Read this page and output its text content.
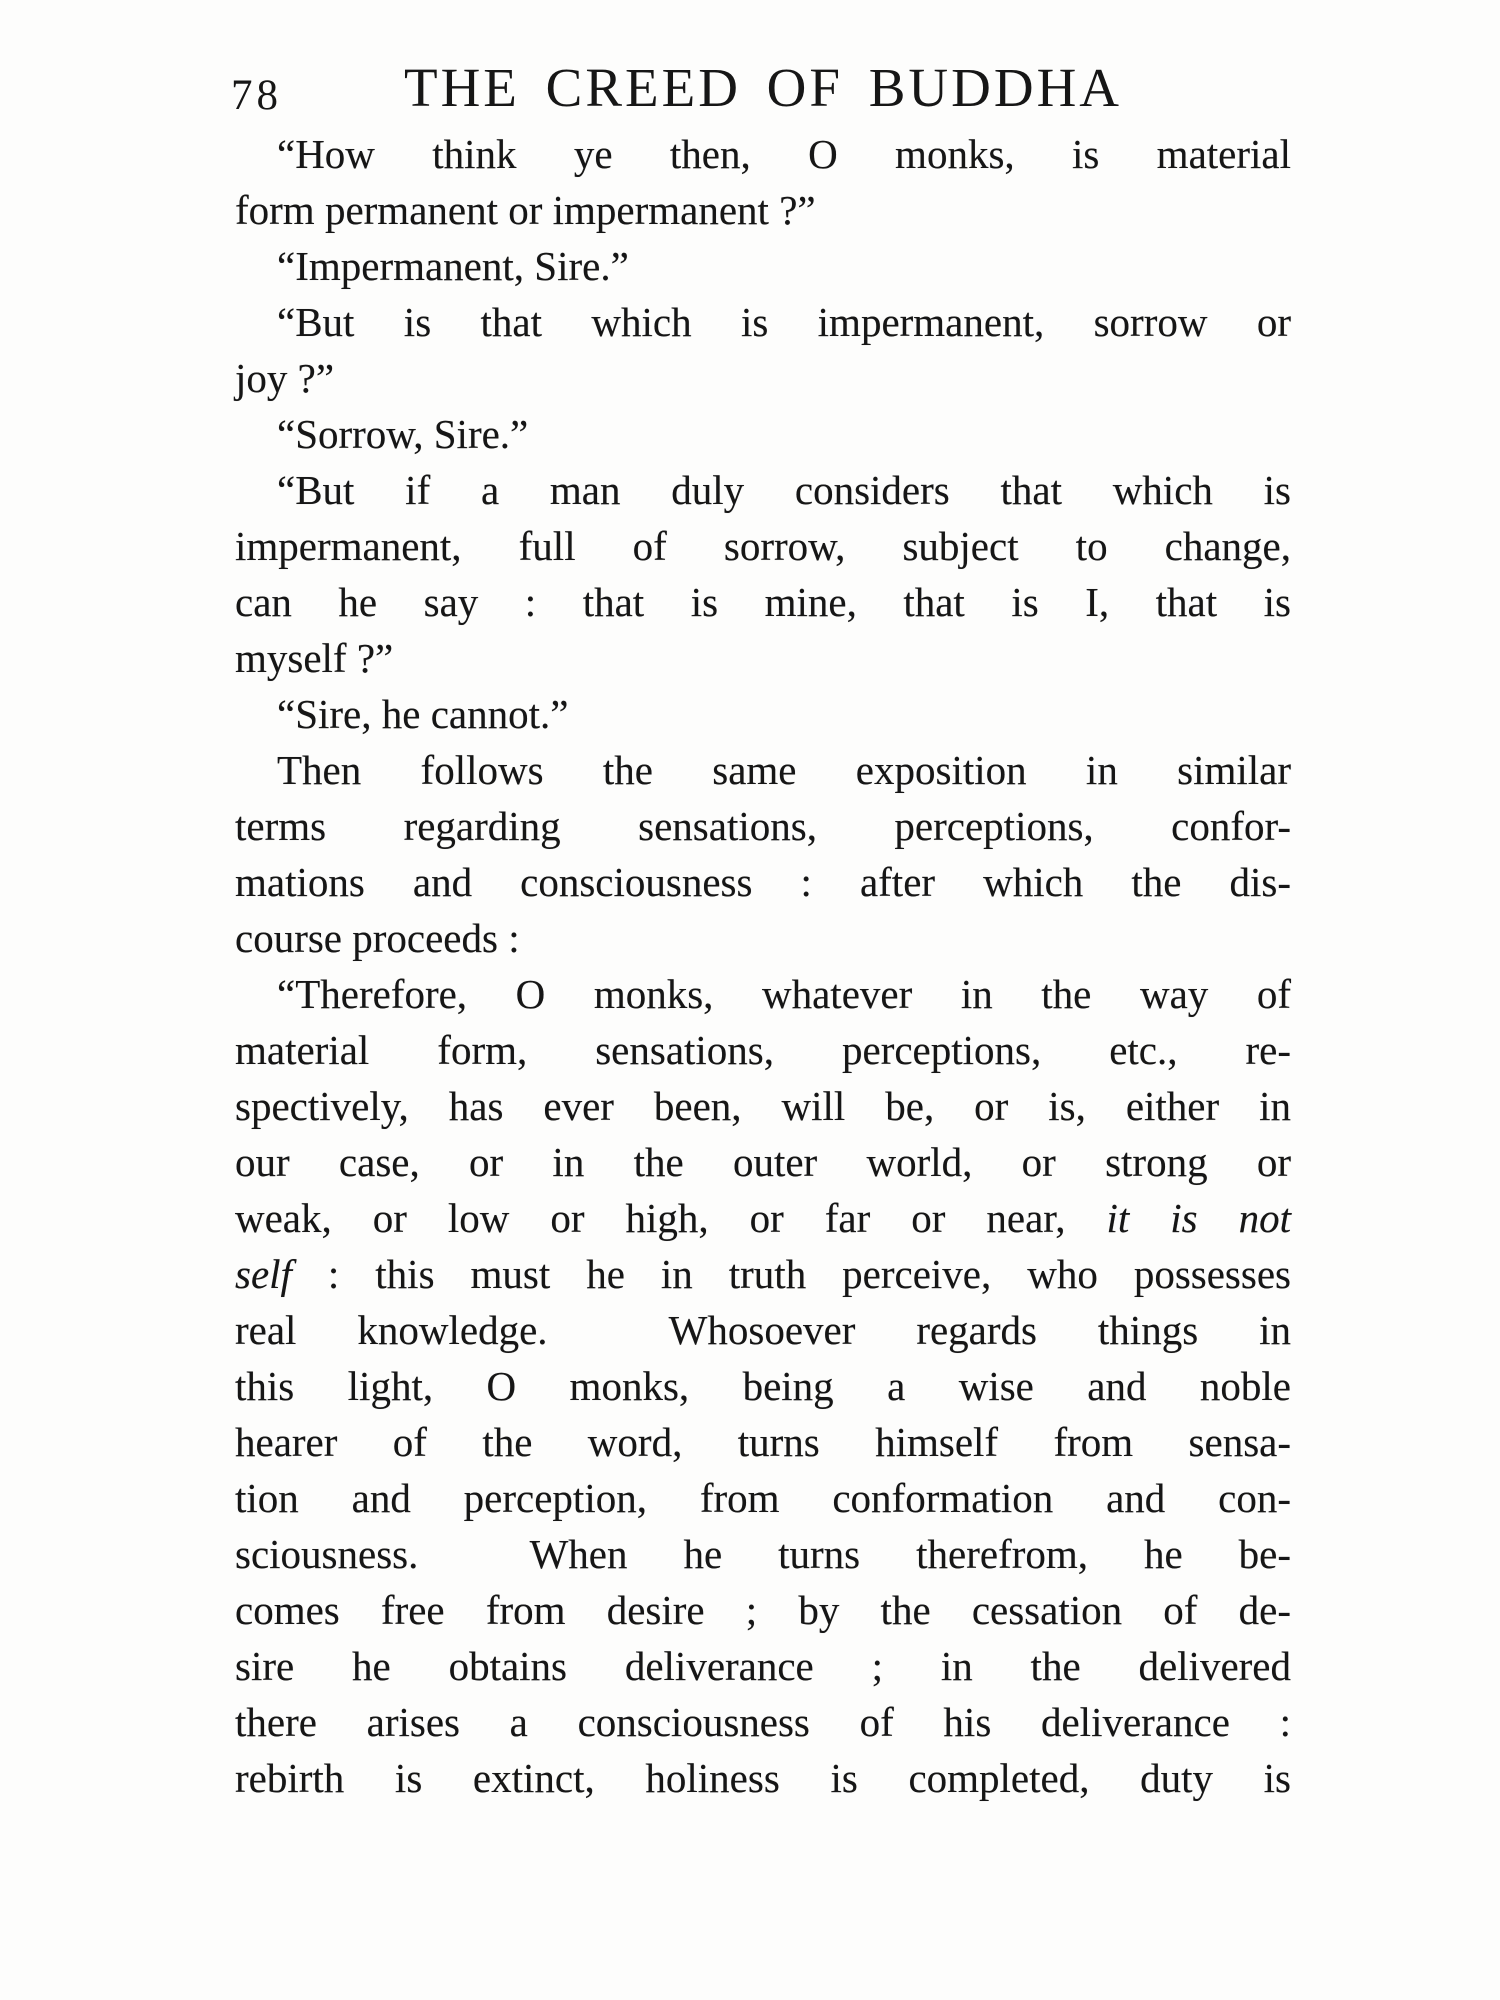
78	THE CREED OF BUDDHA
“How think ye then, O monks, is material
form permanent or impermanent ?”
“Impermanent, Sire.”
“But is that which is impermanent, sorrow or
joy ?”
“Sorrow, Sire.”
“But if a man duly considers that which is
impermanent, full of sorrow, subject to change,
can he say : that is mine, that is I, that is
myself ?”
“Sire, he cannot.”
Then follows the same exposition in similar
terms regarding sensations, perceptions, confor-
mations and consciousness : after which the dis-
course proceeds :
“Therefore, O monks, whatever in the way of
material form, sensations, perceptions, etc., re-
spectively, has ever been, will be, or is, either in
our case, or in the outer world, or strong or
weak, or low or high, or far or near, it is not
self : this must he in truth perceive, who possesses
real knowledge.  Whosoever regards things in
this light, O monks, being a wise and noble
hearer of the word, turns himself from sensa-
tion and perception, from conformation and con-
sciousness.  When he turns therefrom, he be-
comes free from desire ; by the cessation of de-
sire he obtains deliverance ; in the delivered
there arises a consciousness of his deliverance :
rebirth is extinct, holiness is completed, duty is
